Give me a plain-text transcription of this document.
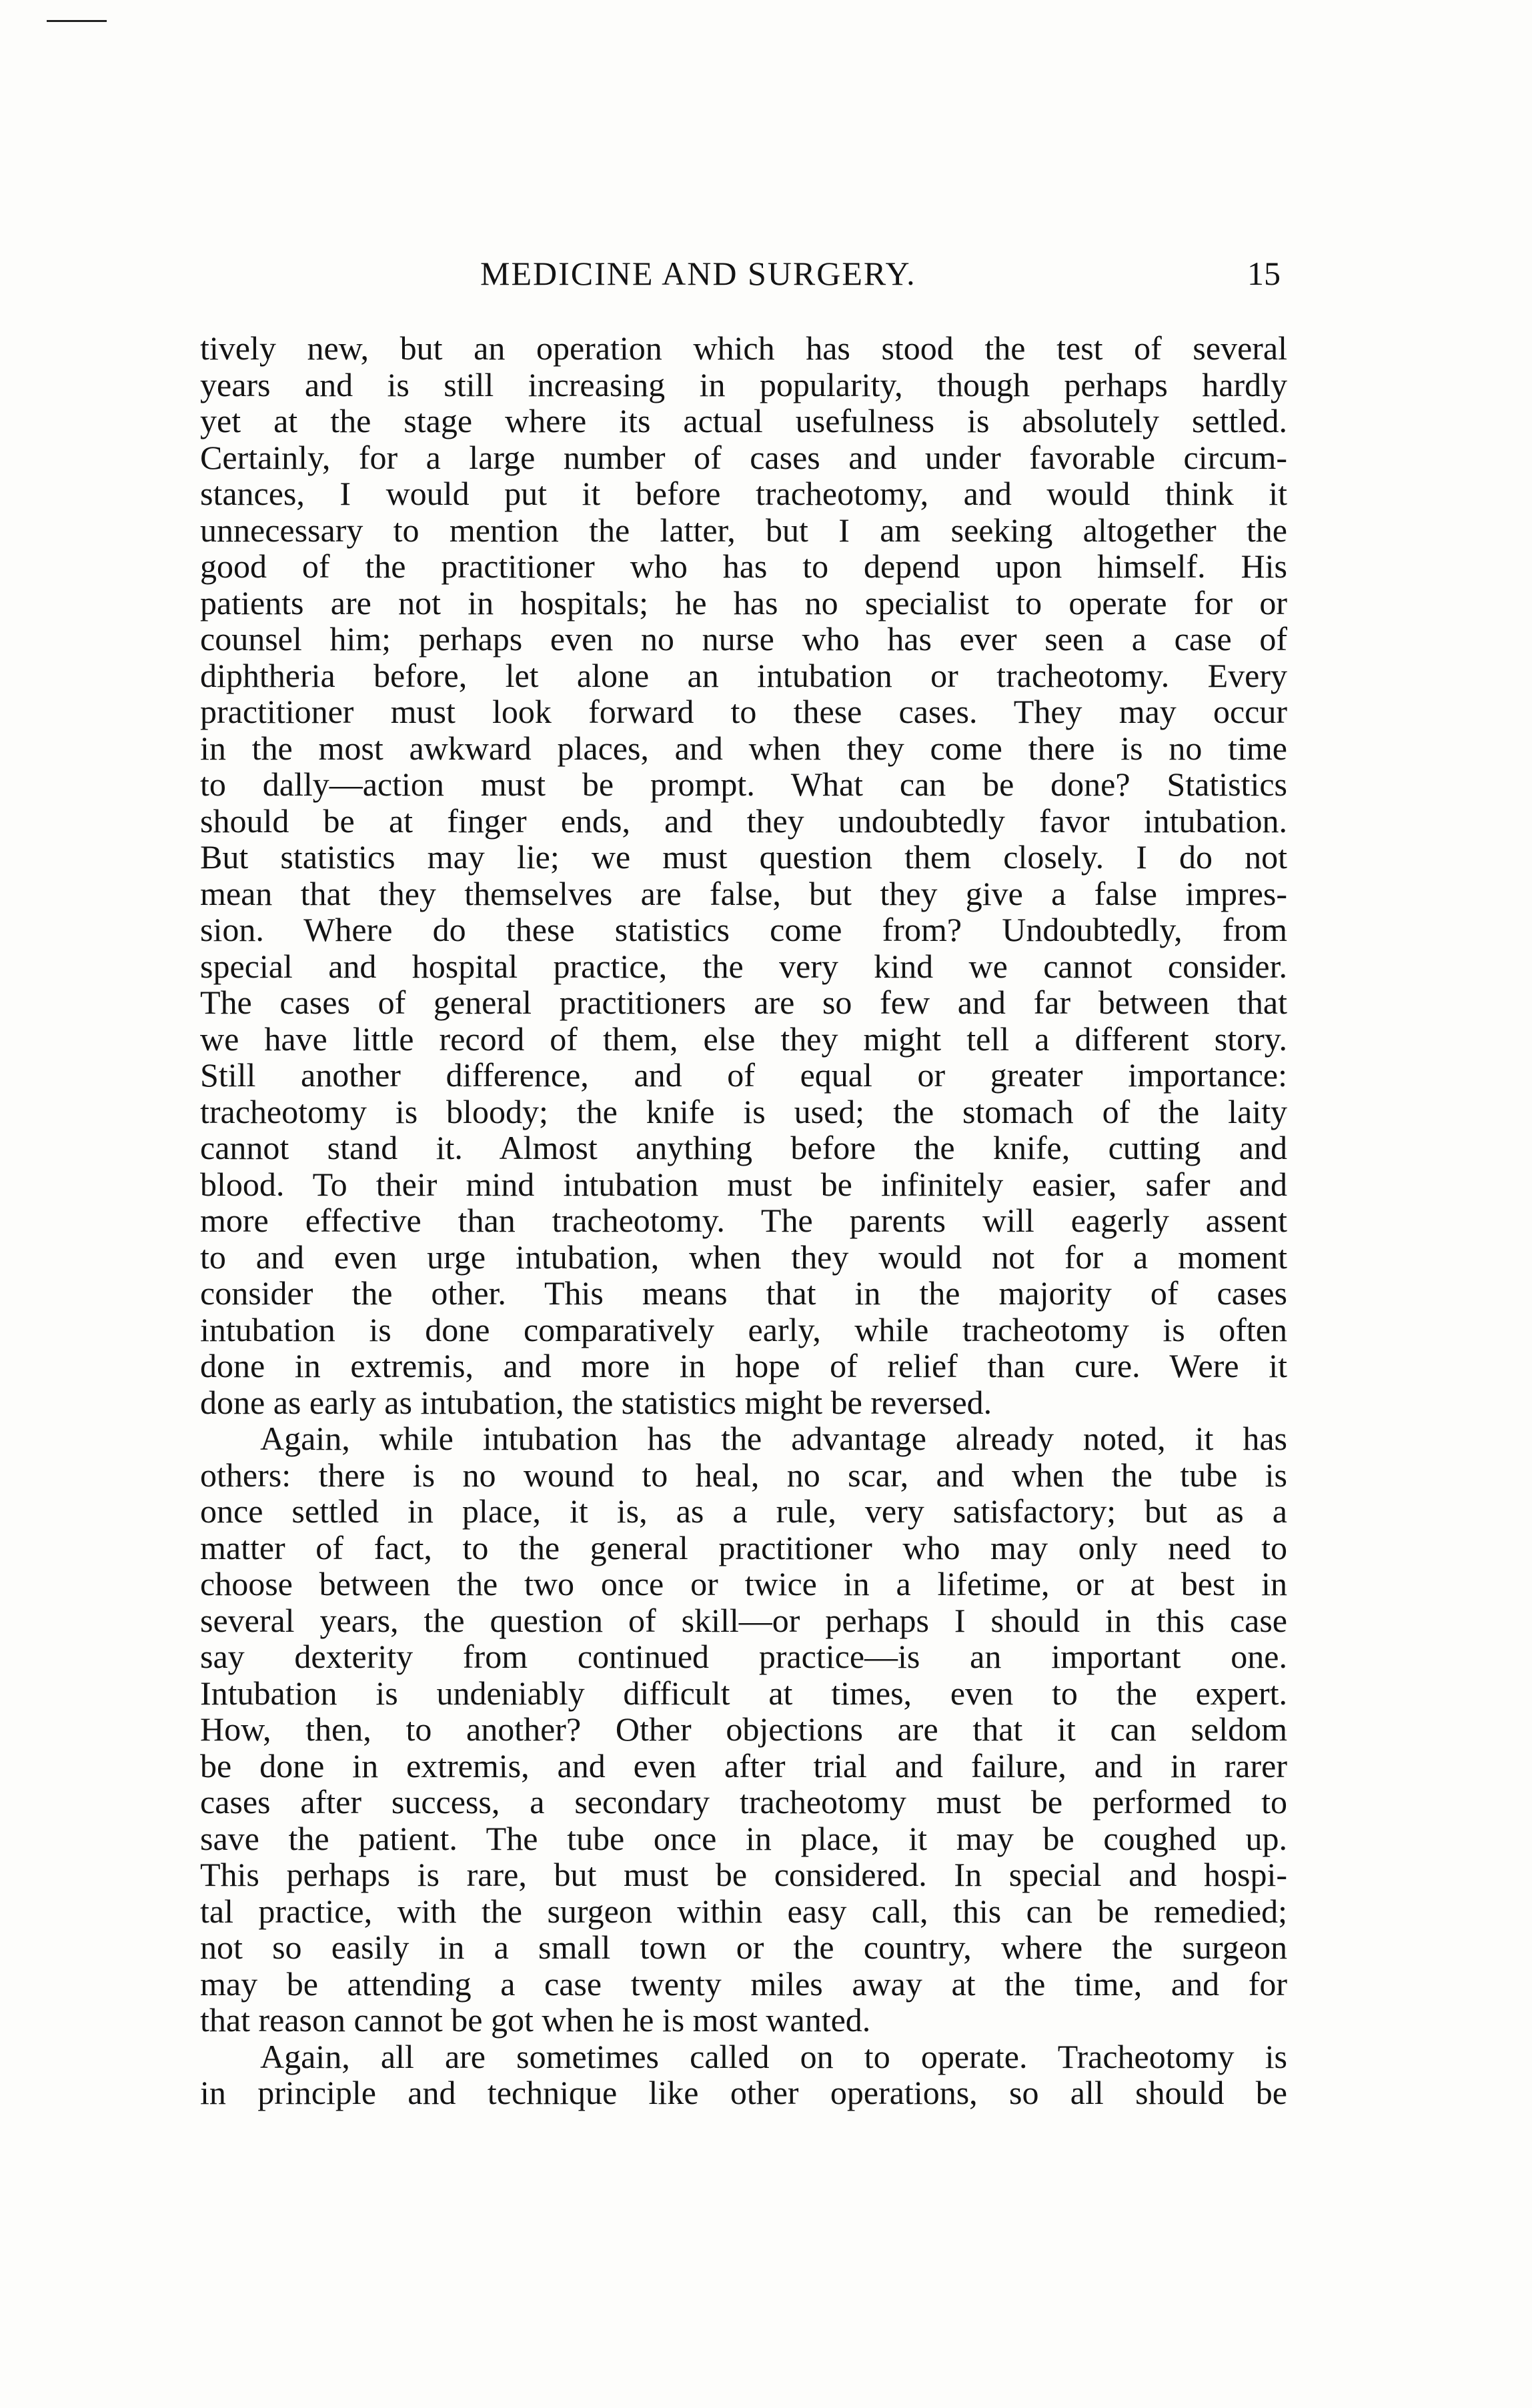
MEDICINE AND SURGERY.	15
tively new, but an operation which has stood the test of several
years and is still increasing in popularity, though perhaps hardly
yet at the stage where its actual usefulness is absolutely settled.
Certainly, for a large number of cases and under favorable circum-
stances, I would put it before tracheotomy, and would think it
unnecessary to mention the latter, but I am seeking altogether the
good of the practitioner who has to depend upon himself. His
patients are not in hospitals; he has no specialist to operate for or
counsel him; perhaps even no nurse who has ever seen a case of
diphtheria before, let alone an intubation or tracheotomy. Every
practitioner must look forward to these cases. They may occur
in the most awkward places, and when they come there is no time
to dally—action must be prompt. What can be done? Statistics
should be at finger ends, and they undoubtedly favor intubation.
But statistics may lie; we must question them closely. I do not
mean that they themselves are false, but they give a false impres-
sion. Where do these statistics come from? Undoubtedly, from
special and hospital practice, the very kind we cannot consider.
The cases of general practitioners are so few and far between that
we have little record of them, else they might tell a different story.
Still another difference, and of equal or greater importance:
tracheotomy is bloody; the knife is used; the stomach of the laity
cannot stand it. Almost anything before the knife, cutting and
blood. To their mind intubation must be infinitely easier, safer and
more effective than tracheotomy. The parents will eagerly assent
to and even urge intubation, when they would not for a moment
consider the other. This means that in the majority of cases
intubation is done comparatively early, while tracheotomy is often
done in extremis, and more in hope of relief than cure. Were it
done as early as intubation, the statistics might be reversed.
Again, while intubation has the advantage already noted, it has
others: there is no wound to heal, no scar, and when the tube is
once settled in place, it is, as a rule, very satisfactory; but as a
matter of fact, to the general practitioner who may only need to
choose between the two once or twice in a lifetime, or at best in
several years, the question of skill—or perhaps I should in this case
say dexterity from continued practice—is an important one.
Intubation is undeniably difficult at times, even to the expert.
How, then, to another? Other objections are that it can seldom
be done in extremis, and even after trial and failure, and in rarer
cases after success, a secondary tracheotomy must be performed to
save the patient. The tube once in place, it may be coughed up.
This perhaps is rare, but must be considered. In special and hospi-
tal practice, with the surgeon within easy call, this can be remedied;
not so easily in a small town or the country, where the surgeon
may be attending a case twenty miles away at the time, and for
that reason cannot be got when he is most wanted.
Again, all are sometimes called on to operate. Tracheotomy is
in principle and technique like other operations, so all should be
